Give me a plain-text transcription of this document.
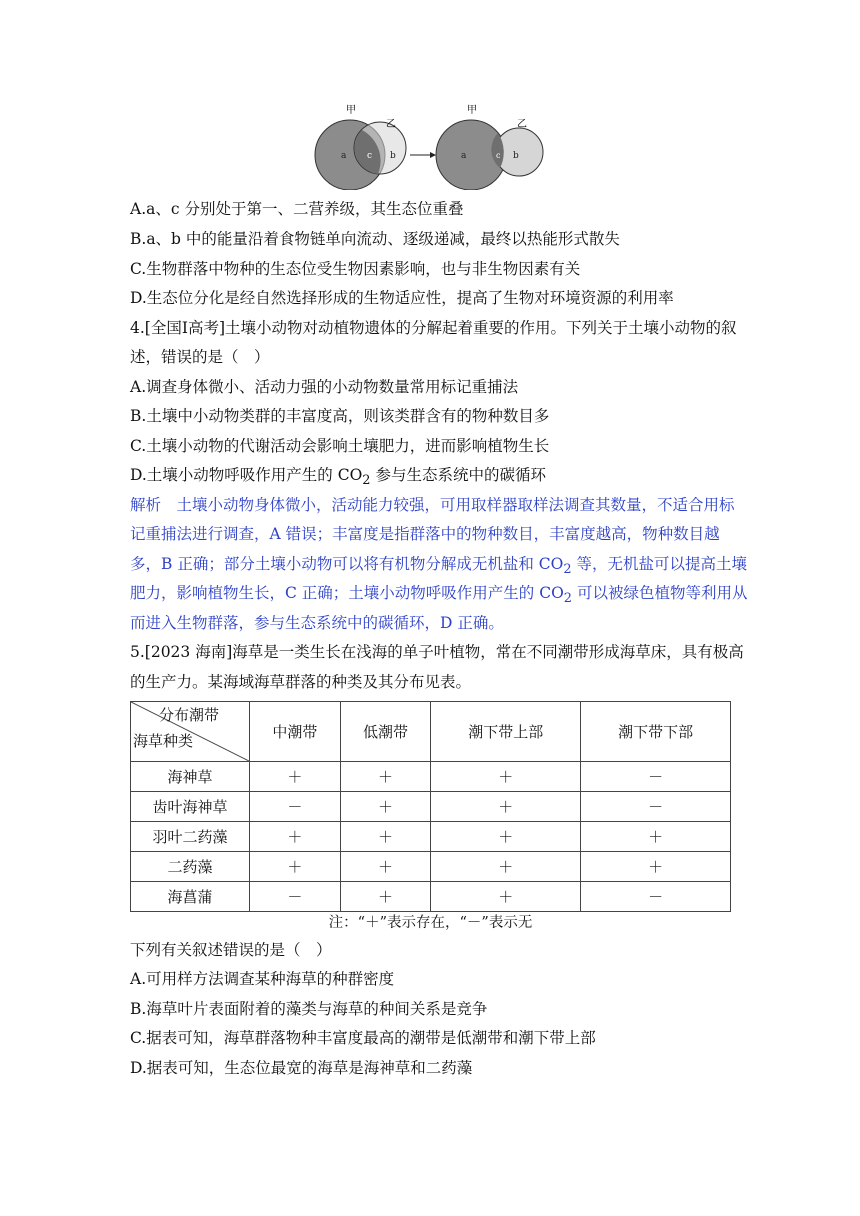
甲
乙
a c b
甲
乙
a	c b
A.a、c 分别处于第一、二营养级，其生态位重叠
B.a、b 中的能量沿着食物链单向流动、逐级递减，最终以热能形式散失
C.生物群落中物种的生态位受生物因素影响，也与非生物因素有关
D.生态位分化是经自然选择形成的生物适应性，提高了生物对环境资源的利用率
4.[全国Ⅰ高考]土壤小动物对动植物遗体的分解起着重要的作用。下列关于土壤小动物的叙
述，错误的是（　）
A.调查身体微小、活动力强的小动物数量常用标记重捕法
B.土壤中小动物类群的丰富度高，则该类群含有的物种数目多
C.土壤小动物的代谢活动会影响土壤肥力，进而影响植物生长
D.土壤小动物呼吸作用产生的 $CO_2$ 参与生态系统中的碳循环
解析　土壤小动物身体微小，活动能力较强，可用取样器取样法调查其数量，不适合用标
记重捕法进行调查，A 错误；丰富度是指群落中的物种数目，丰富度越高，物种数目越
多，B 正确；部分土壤小动物可以将有机物分解成无机盐和 $CO_2$ 等，无机盐可以提高土壤
肥力，影响植物生长，C 正确；土壤小动物呼吸作用产生的 $CO_2$ 可以被绿色植物等利用从
而进入生物群落，参与生态系统中的碳循环，D 正确。
5.[2023 海南]海草是一类生长在浅海的单子叶植物，常在不同潮带形成海草床，具有极高
的生产力。某海域海草群落的种类及其分布见表。
分布潮带
海草种类	中潮带	低潮带	潮下带上部	潮下带下部
海神草	＋	＋	＋	－
齿叶海神草	－	＋	＋	－
羽叶二药藻	＋	＋	＋	＋
二药藻	＋	＋	＋	＋
海菖蒲	－	＋	＋	－
注：“＋”表示存在，“－”表示无
下列有关叙述错误的是（　）
A.可用样方法调查某种海草的种群密度
B.海草叶片表面附着的藻类与海草的种间关系是竞争
C.据表可知，海草群落物种丰富度最高的潮带是低潮带和潮下带上部
D.据表可知，生态位最宽的海草是海神草和二药藻
